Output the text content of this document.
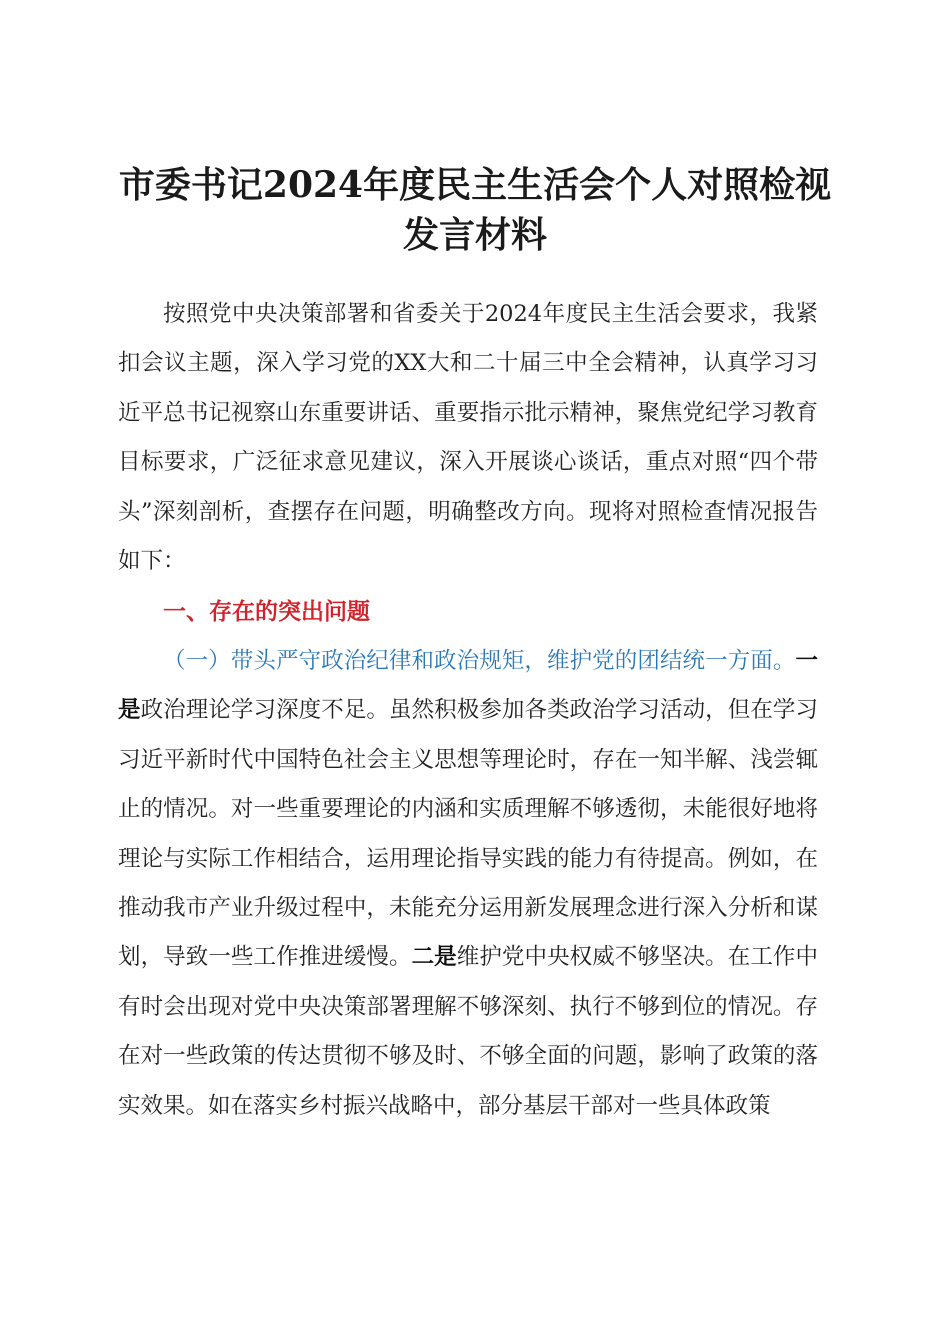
市委书记2024年度民主生活会个人对照检视发言材料

按照党中央决策部署和省委关于2024年度民主生活会要求，我紧扣会议主题，深入学习党的XX大和二十届三中全会精神，认真学习习近平总书记视察山东重要讲话、重要指示批示精神，聚焦党纪学习教育目标要求，广泛征求意见建议，深入开展谈心谈话，重点对照“四个带头”深刻剖析，查摆存在问题，明确整改方向。现将对照检查情况报告如下：

一、存在的突出问题

（一）带头严守政治纪律和政治规矩，维护党的团结统一方面。一是政治理论学习深度不足。虽然积极参加各类政治学习活动，但在学习习近平新时代中国特色社会主义思想等理论时，存在一知半解、浅尝辄止的情况。对一些重要理论的内涵和实质理解不够透彻，未能很好地将理论与实际工作相结合，运用理论指导实践的能力有待提高。例如，在推动我市产业升级过程中，未能充分运用新发展理念进行深入分析和谋划，导致一些工作推进缓慢。二是维护党中央权威不够坚决。在工作中有时会出现对党中央决策部署理解不够深刻、执行不够到位的情况。存在对一些政策的传达贯彻不够及时、不够全面的问题，影响了政策的落实效果。如在落实乡村振兴战略中，部分基层干部对一些具体政策
